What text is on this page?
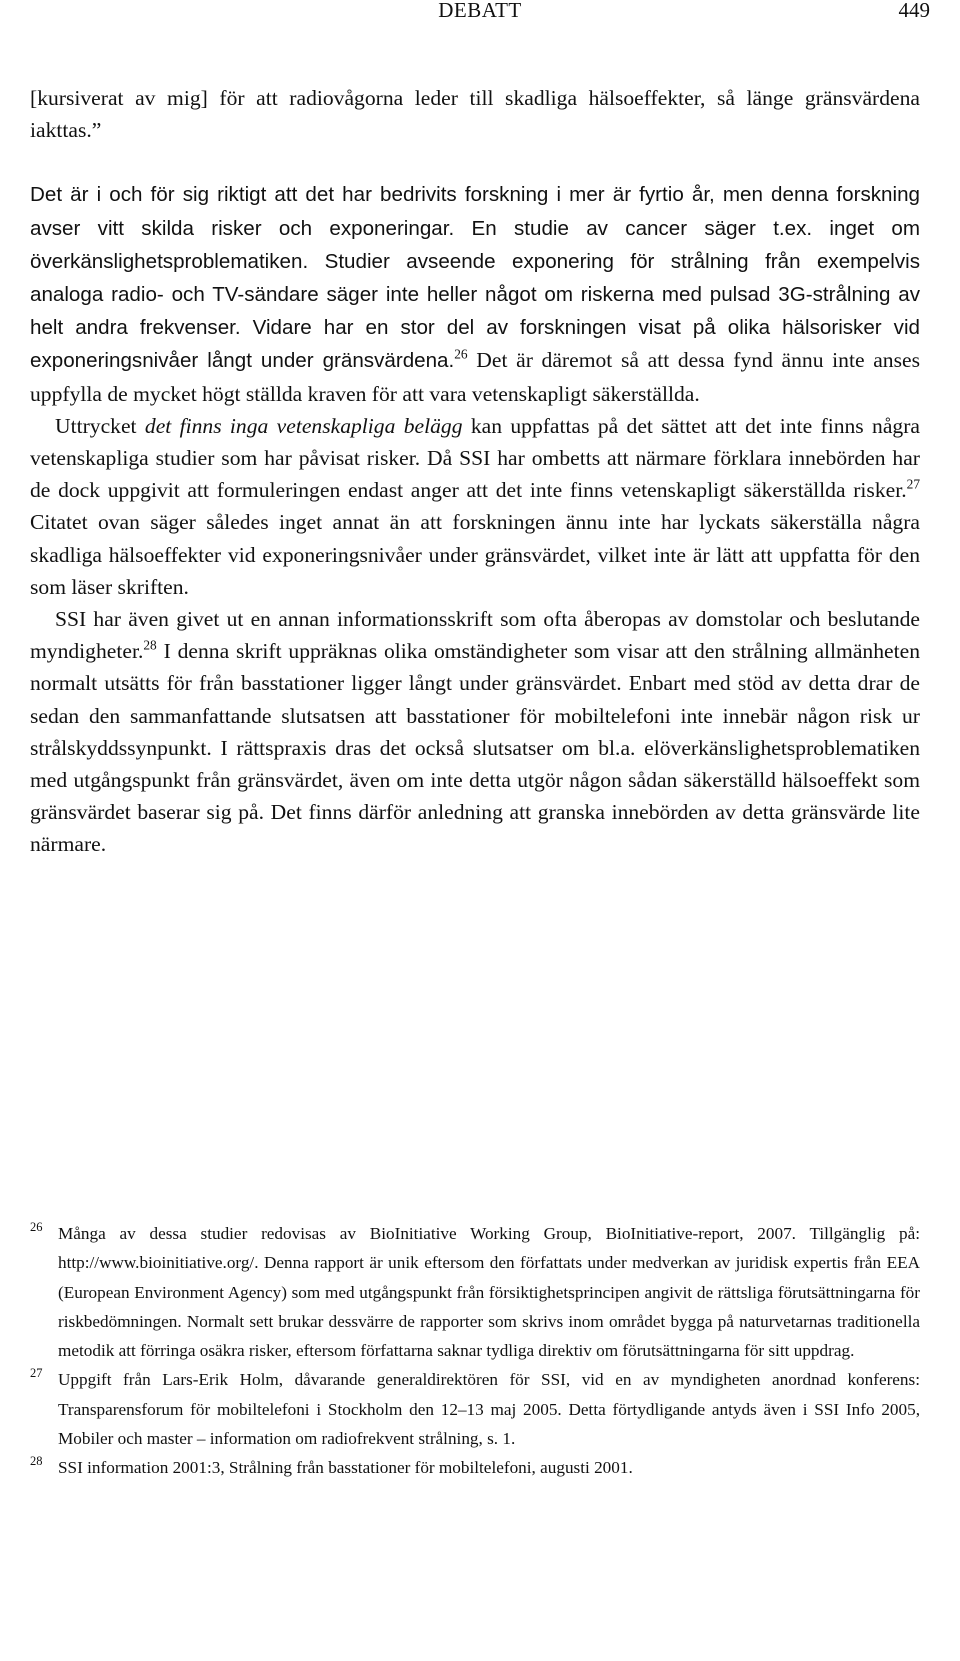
DEBATT	449

[kursiverat av mig] för att radiovågorna leder till skadliga hälsoeffekter, så länge gränsvärdena iakttas.”

Det är i och för sig riktigt att det har bedrivits forskning i mer är fyrtio år, men denna forskning avser vitt skilda risker och exponeringar. En studie av cancer säger t.ex. inget om överkänslighetsproblematiken. Studier avseende exponering för strålning från exempelvis analoga radio- och TV-sändare säger inte heller något om riskerna med pulsad 3G-strålning av helt andra frekvenser. Vidare har en stor del av forskningen visat på olika hälsorisker vid exponeringsnivåer långt under gränsvärdena.$^{26}$ Det är däremot så att dessa fynd ännu inte anses uppfylla de mycket högt ställda kraven för att vara vetenskapligt säkerställda.

Uttrycket det finns inga vetenskapliga belägg kan uppfattas på det sättet att det inte finns några vetenskapliga studier som har påvisat risker. Då SSI har ombetts att närmare förklara innebörden har de dock uppgivit att formuleringen endast anger att det inte finns vetenskapligt säkerställda risker.$^{27}$ Citatet ovan säger således inget annat än att forskningen ännu inte har lyckats säkerställa några skadliga hälsoeffekter vid exponeringsnivåer under gränsvärdet, vilket inte är lätt att uppfatta för den som läser skriften.

SSI har även givet ut en annan informationsskrift som ofta åberopas av domstolar och beslutande myndigheter.$^{28}$ I denna skrift uppräknas olika omständigheter som visar att den strålning allmänheten normalt utsätts för från basstationer ligger långt under gränsvärdet. Enbart med stöd av detta drar de sedan den sammanfattande slutsatsen att basstationer för mobiltelefoni inte innebär någon risk ur strålskyddssynpunkt. I rättspraxis dras det också slutsatser om bl.a. elöverkänslighetsproblematiken med utgångspunkt från gränsvärdet, även om inte detta utgör någon sådan säkerställd hälsoeffekt som gränsvärdet baserar sig på. Det finns därför anledning att granska innebörden av detta gränsvärde lite närmare.

26 Många av dessa studier redovisas av BioInitiative Working Group, BioInitiative-report, 2007. Tillgänglig på: http://www.bioinitiative.org/. Denna rapport är unik eftersom den författats under medverkan av juridisk expertis från EEA (European Environment Agency) som med utgångspunkt från försiktighetsprincipen angivit de rättsliga förutsättningarna för riskbedömningen. Normalt sett brukar dessvärre de rapporter som skrivs inom området bygga på naturvetarnas traditionella metodik att förringa osäkra risker, eftersom författarna saknar tydliga direktiv om förutsättningarna för sitt uppdrag.
27 Uppgift från Lars-Erik Holm, dåvarande generaldirektören för SSI, vid en av myndigheten anordnad konferens: Transparensforum för mobiltelefoni i Stockholm den 12–13 maj 2005. Detta förtydligande antyds även i SSI Info 2005, Mobiler och master – information om radiofrekvent strålning, s. 1.
28 SSI information 2001:3, Strålning från basstationer för mobiltelefoni, augusti 2001.
